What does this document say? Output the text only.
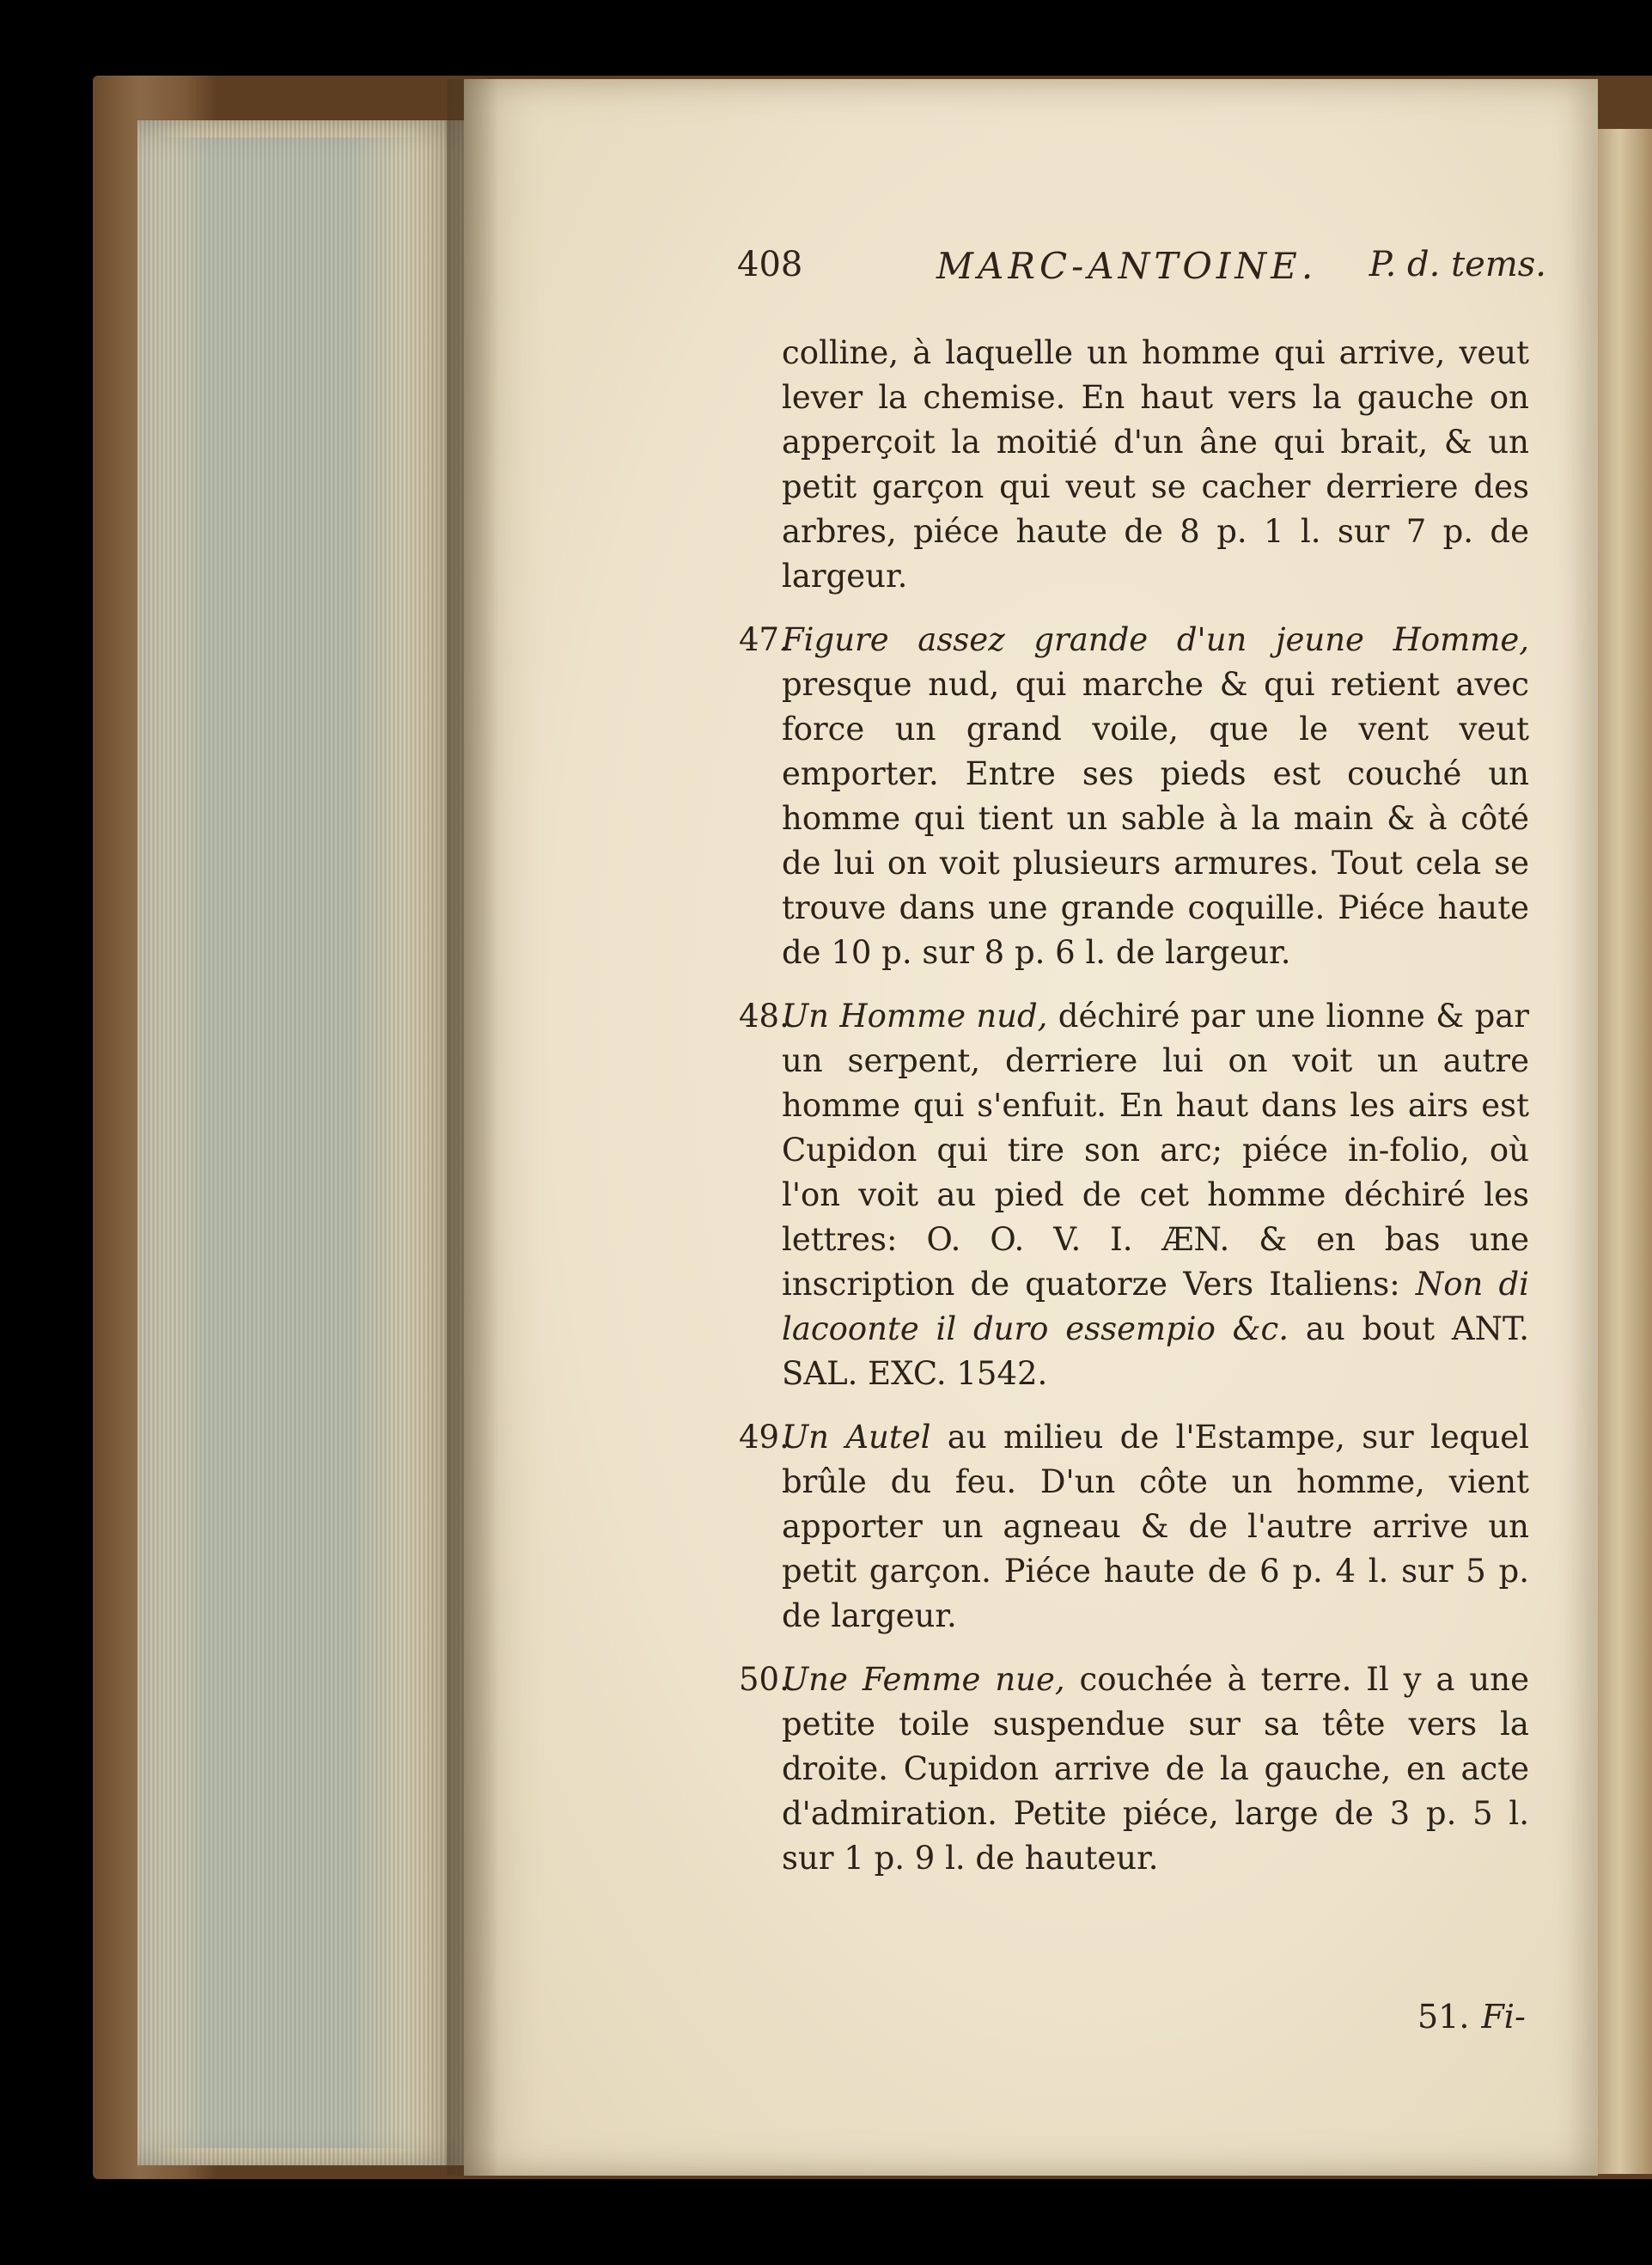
408	MARC-ANTOINE. P. d. tems.

colline, à laquelle un homme qui arrive, veut lever la chemise. En haut vers la gauche on apperçoit la moitié d'un âne qui brait, & un petit garçon qui veut se cacher derriere des arbres, piéce haute de 8 p. 1 l. sur 7 p. de largeur.

47.
Figure assez grande d'un jeune Homme, presque nud, qui marche & qui retient avec force un grand voile, que le vent veut emporter. Entre ses pieds est couché un homme qui tient un sable à la main & à côté de lui on voit plusieurs armures. Tout cela se trouve dans une grande coquille. Piéce haute de 10 p. sur 8 p. 6 l. de largeur.

48.
Un Homme nud, déchiré par une lionne & par un serpent, derriere lui on voit un autre homme qui s'enfuit. En haut dans les airs est Cupidon qui tire son arc; piéce in-folio, où l'on voit au pied de cet homme déchiré les lettres: O. O. V. I. ÆN. & en bas une inscription de quatorze Vers Italiens: Non di lacoonte il duro essempio &c. au bout ANT. SAL. EXC. 1542.

49.
Un Autel au milieu de l'Estampe, sur lequel brûle du feu. D'un côte un homme, vient apporter un agneau & de l'autre arrive un petit garçon. Piéce haute de 6 p. 4 l. sur 5 p. de largeur.

50.
Une Femme nue, couchée à terre. Il y a une petite toile suspendue sur sa tête vers la droite. Cupidon arrive de la gauche, en acte d'admiration. Petite piéce, large de 3 p. 5 l. sur 1 p. 9 l. de hauteur.

51. Fi-
